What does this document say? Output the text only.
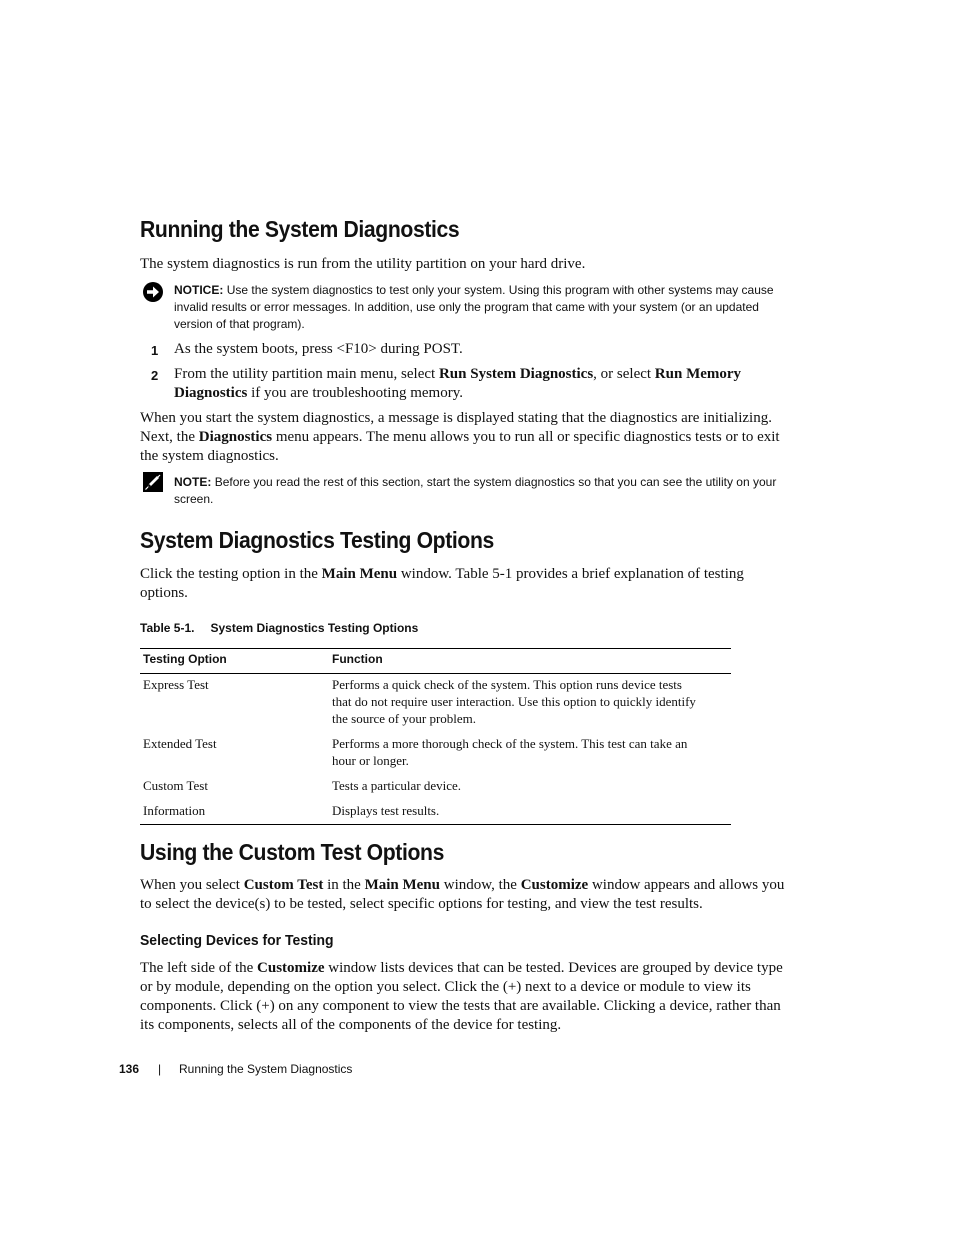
Running the System Diagnostics

The system diagnostics is run from the utility partition on your hard drive.

NOTICE: Use the system diagnostics to test only your system. Using this program with other systems may cause
invalid results or error messages. In addition, use only the program that came with your system (or an updated
version of that program).
1 As the system boots, press <F10> during POST.
2 From the utility partition main menu, select Run System Diagnostics, or select Run Memory
Diagnostics if you are troubleshooting memory.
When you start the system diagnostics, a message is displayed stating that the diagnostics are initializing.
Next, the Diagnostics menu appears. The menu allows you to run all or specific diagnostics tests or to exit
the system diagnostics.
NOTE: Before you read the rest of this section, start the system diagnostics so that you can see the utility on your
screen.
System Diagnostics Testing Options
Click the testing option in the Main Menu window. Table 5-1 provides a brief explanation of testing
options.
Table 5-1. System Diagnostics Testing Options
Testing Option	Function
Express Test	Performs a quick check of the system. This option runs device tests
that do not require user interaction. Use this option to quickly identify
the source of your problem.
Extended Test	Performs a more thorough check of the system. This test can take an
hour or longer.
Custom Test	Tests a particular device.
Information	Displays test results.
Using the Custom Test Options
When you select Custom Test in the Main Menu window, the Customize window appears and allows you
to select the device(s) to be tested, select specific options for testing, and view the test results.
Selecting Devices for Testing
The left side of the Customize window lists devices that can be tested. Devices are grouped by device type
or by module, depending on the option you select. Click the (+) next to a device or module to view its
components. Click (+) on any component to view the tests that are available. Clicking a device, rather than
its components, selects all of the components of the device for testing.
136 | Running the System Diagnostics
